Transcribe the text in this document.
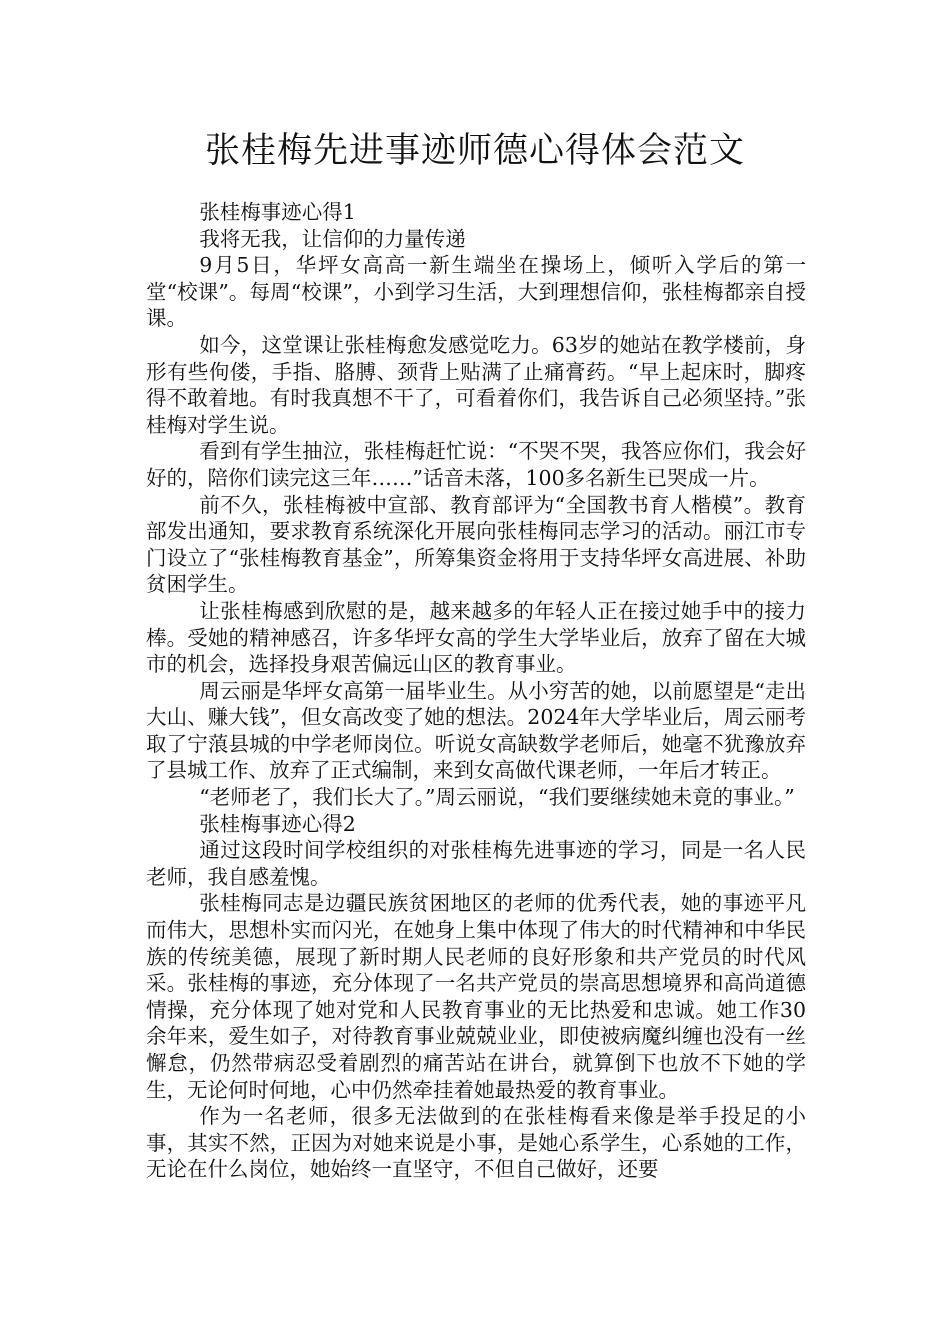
张桂梅先进事迹师德心得体会范文

张桂梅事迹心得1

我将无我，让信仰的力量传递

9月5日，华坪女高高一新生端坐在操场上，倾听入学后的第一堂“校课”。每周“校课”，小到学习生活，大到理想信仰，张桂梅都亲自授课。

如今，这堂课让张桂梅愈发感觉吃力。63岁的她站在教学楼前，身形有些佝偻，手指、胳膊、颈背上贴满了止痛膏药。“早上起床时，脚疼得不敢着地。有时我真想不干了，可看着你们，我告诉自己必须坚持。”张桂梅对学生说。

看到有学生抽泣，张桂梅赶忙说：“不哭不哭，我答应你们，我会好好的，陪你们读完这三年……”话音未落，100多名新生已哭成一片。

前不久，张桂梅被中宣部、教育部评为“全国教书育人楷模”。教育部发出通知，要求教育系统深化开展向张桂梅同志学习的活动。丽江市专门设立了“张桂梅教育基金”，所筹集资金将用于支持华坪女高进展、补助贫困学生。

让张桂梅感到欣慰的是，越来越多的年轻人正在接过她手中的接力棒。受她的精神感召，许多华坪女高的学生大学毕业后，放弃了留在大城市的机会，选择投身艰苦偏远山区的教育事业。

周云丽是华坪女高第一届毕业生。从小穷苦的她，以前愿望是“走出大山、赚大钱”，但女高改变了她的想法。2024年大学毕业后，周云丽考取了宁蒗县城的中学老师岗位。听说女高缺数学老师后，她毫不犹豫放弃了县城工作、放弃了正式编制，来到女高做代课老师，一年后才转正。

“老师老了，我们长大了。”周云丽说，“我们要继续她未竟的事业。”

张桂梅事迹心得2

通过这段时间学校组织的对张桂梅先进事迹的学习，同是一名人民老师，我自感羞愧。

张桂梅同志是边疆民族贫困地区的老师的优秀代表，她的事迹平凡而伟大，思想朴实而闪光，在她身上集中体现了伟大的时代精神和中华民族的传统美德，展现了新时期人民老师的良好形象和共产党员的时代风采。张桂梅的事迹，充分体现了一名共产党员的崇高思想境界和高尚道德情操，充分体现了她对党和人民教育事业的无比热爱和忠诚。她工作30余年来，爱生如子，对待教育事业兢兢业业，即使被病魔纠缠也没有一丝懈怠，仍然带病忍受着剧烈的痛苦站在讲台，就算倒下也放不下她的学生，无论何时何地，心中仍然牵挂着她最热爱的教育事业。

作为一名老师，很多无法做到的在张桂梅看来像是举手投足的小事，其实不然，正因为对她来说是小事，是她心系学生，心系她的工作，无论在什么岗位，她始终一直坚守，不但自己做好，还要
